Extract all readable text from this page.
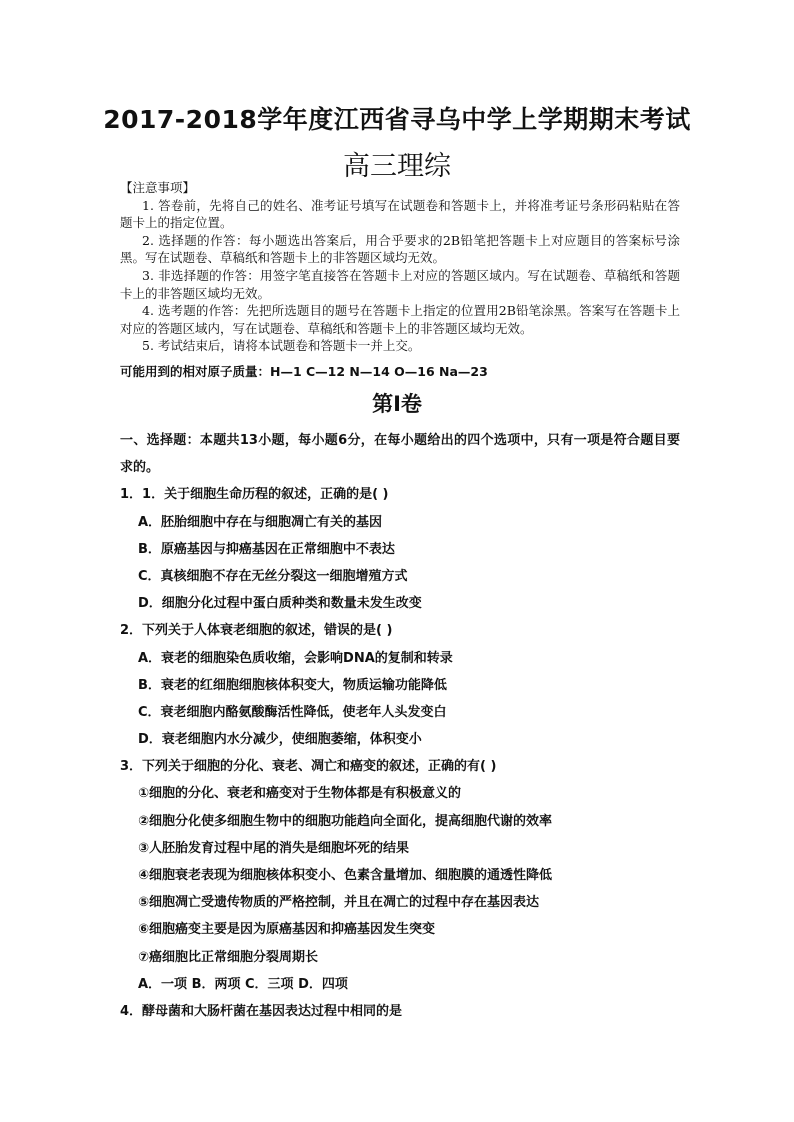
2017-2018学年度江西省寻乌中学上学期期末考试
高三理综

【注意事项】

1. 答卷前，先将自己的姓名、准考证号填写在试题卷和答题卡上，并将准考证号条形码粘贴在答题卡上的指定位置。

2. 选择题的作答：每小题选出答案后，用合乎要求的2B铅笔把答题卡上对应题目的答案标号涂黑。写在试题卷、草稿纸和答题卡上的非答题区域均无效。

3. 非选择题的作答：用签字笔直接答在答题卡上对应的答题区域内。写在试题卷、草稿纸和答题卡上的非答题区域均无效。

4. 选考题的作答：先把所选题目的题号在答题卡上指定的位置用2B铅笔涂黑。答案写在答题卡上对应的答题区域内，写在试题卷、草稿纸和答题卡上的非答题区域均无效。

5. 考试结束后，请将本试题卷和答题卡一并上交。

可能用到的相对原子质量：H—1 C—12 N—14 O—16 Na—23
第Ⅰ卷
一、选择题：本题共13小题，每小题6分，在每小题给出的四个选项中，只有一项是符合题目要求的。
1．1．关于细胞生命历程的叙述，正确的是( )
A．胚胎细胞中存在与细胞凋亡有关的基因
B．原癌基因与抑癌基因在正常细胞中不表达
C．真核细胞不存在无丝分裂这一细胞增殖方式
D．细胞分化过程中蛋白质种类和数量未发生改变
2．下列关于人体衰老细胞的叙述，错误的是( )
A．衰老的细胞染色质收缩，会影响DNA的复制和转录
B．衰老的红细胞细胞核体积变大，物质运输功能降低
C．衰老细胞内酪氨酸酶活性降低，使老年人头发变白
D．衰老细胞内水分减少，使细胞萎缩，体积变小
3．下列关于细胞的分化、衰老、凋亡和癌变的叙述，正确的有( )
①细胞的分化、衰老和癌变对于生物体都是有积极意义的
②细胞分化使多细胞生物中的细胞功能趋向全面化，提高细胞代谢的效率
③人胚胎发育过程中尾的消失是细胞坏死的结果
④细胞衰老表现为细胞核体积变小、色素含量增加、细胞膜的通透性降低
⑤细胞凋亡受遗传物质的严格控制，并且在凋亡的过程中存在基因表达
⑥细胞癌变主要是因为原癌基因和抑癌基因发生突变
⑦癌细胞比正常细胞分裂周期长
A．一项 B．两项 C．三项 D．四项
4．酵母菌和大肠杆菌在基因表达过程中相同的是
